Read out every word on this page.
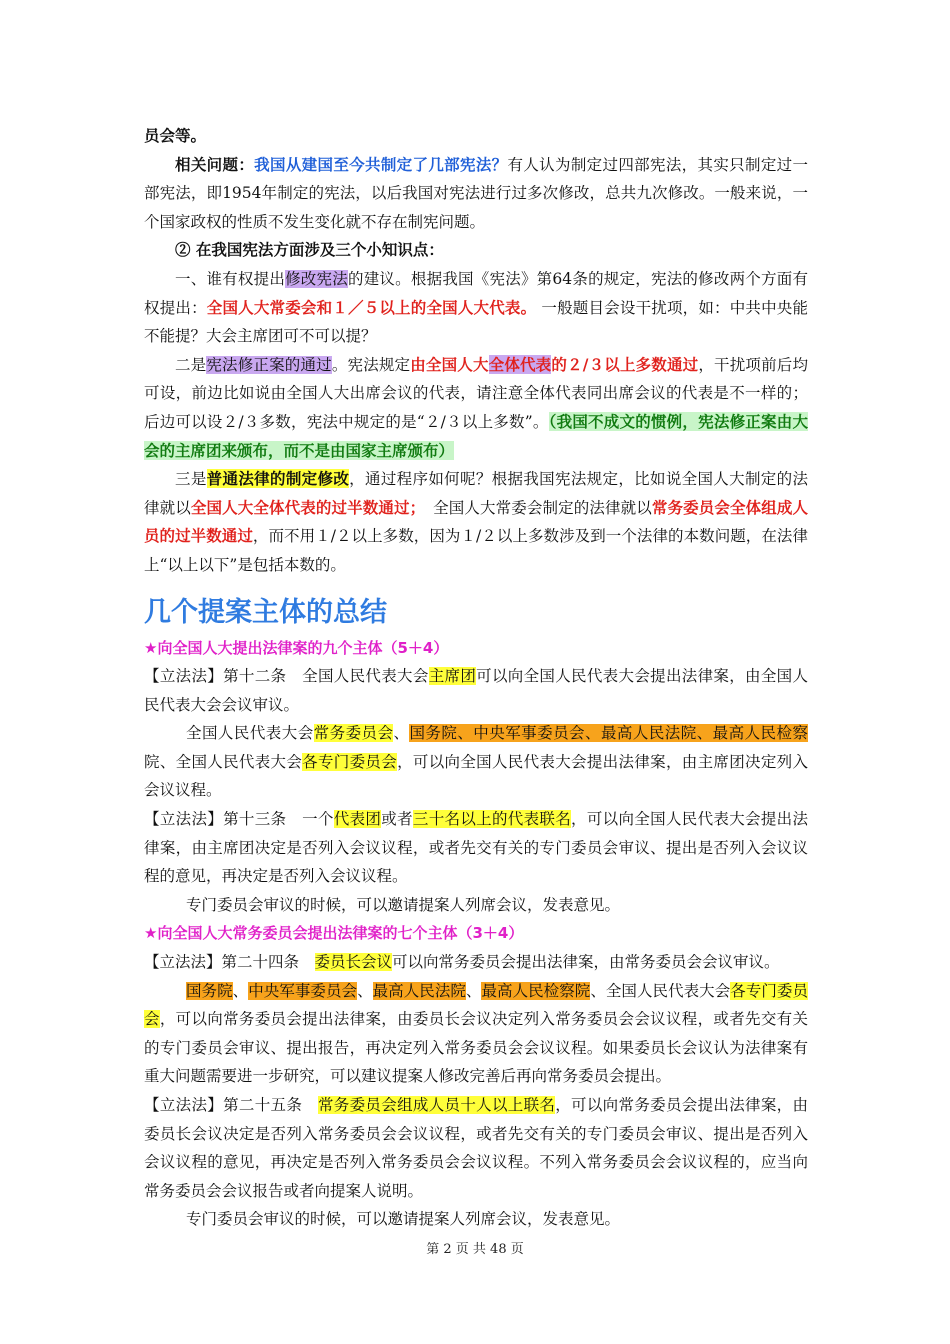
员会等。

相关问题：我国从建国至今共制定了几部宪法？有人认为制定过四部宪法，其实只制定过一部宪法，即1954年制定的宪法，以后我国对宪法进行过多次修改，总共九次修改。一般来说，一个国家政权的性质不发生变化就不存在制宪问题。

② 在我国宪法方面涉及三个小知识点：

一、谁有权提出修改宪法的建议。根据我国《宪法》第64条的规定，宪法的修改两个方面有权提出：全国人大常委会和１／５以上的全国人大代表。 一般题目会设干扰项，如：中共中央能不能提？大会主席团可不可以提？

二是宪法修正案的通过。宪法规定由全国人大全体代表的２/３以上多数通过，干扰项前后均可设，前边比如说由全国人大出席会议的代表，请注意全体代表同出席会议的代表是不一样的；后边可以设２/３多数，宪法中规定的是“２/３以上多数”。（我国不成文的惯例，宪法修正案由大会的主席团来颁布，而不是由国家主席颁布）

三是普通法律的制定修改，通过程序如何呢？根据我国宪法规定，比如说全国人大制定的法律就以全国人大全体代表的过半数通过；　全国人大常委会制定的法律就以常务委员会全体组成人员的过半数通过，而不用１/２以上多数，因为１/２以上多数涉及到一个法律的本数问题，在法律上“以上以下”是包括本数的。

几个提案主体的总结

★向全国人大提出法律案的九个主体（5＋4）

【立法法】第十二条　全国人民代表大会主席团可以向全国人民代表大会提出法律案，由全国人民代表大会会议审议。

全国人民代表大会常务委员会、国务院、中央军事委员会、最高人民法院、最高人民检察院、全国人民代表大会各专门委员会，可以向全国人民代表大会提出法律案，由主席团决定列入会议议程。

【立法法】第十三条　一个代表团或者三十名以上的代表联名，可以向全国人民代表大会提出法律案，由主席团决定是否列入会议议程，或者先交有关的专门委员会审议、提出是否列入会议议程的意见，再决定是否列入会议议程。

专门委员会审议的时候，可以邀请提案人列席会议，发表意见。

★向全国人大常务委员会提出法律案的七个主体（3＋4）

【立法法】第二十四条　委员长会议可以向常务委员会提出法律案，由常务委员会会议审议。

国务院、中央军事委员会、最高人民法院、最高人民检察院、全国人民代表大会各专门委员会，可以向常务委员会提出法律案，由委员长会议决定列入常务委员会会议议程，或者先交有关的专门委员会审议、提出报告，再决定列入常务委员会会议议程。如果委员长会议认为法律案有重大问题需要进一步研究，可以建议提案人修改完善后再向常务委员会提出。

【立法法】第二十五条　常务委员会组成人员十人以上联名，可以向常务委员会提出法律案，由委员长会议决定是否列入常务委员会会议议程，或者先交有关的专门委员会审议、提出是否列入会议议程的意见，再决定是否列入常务委员会会议议程。不列入常务委员会会议议程的，应当向常务委员会会议报告或者向提案人说明。

专门委员会审议的时候，可以邀请提案人列席会议，发表意见。

第 2 页 共 48 页
